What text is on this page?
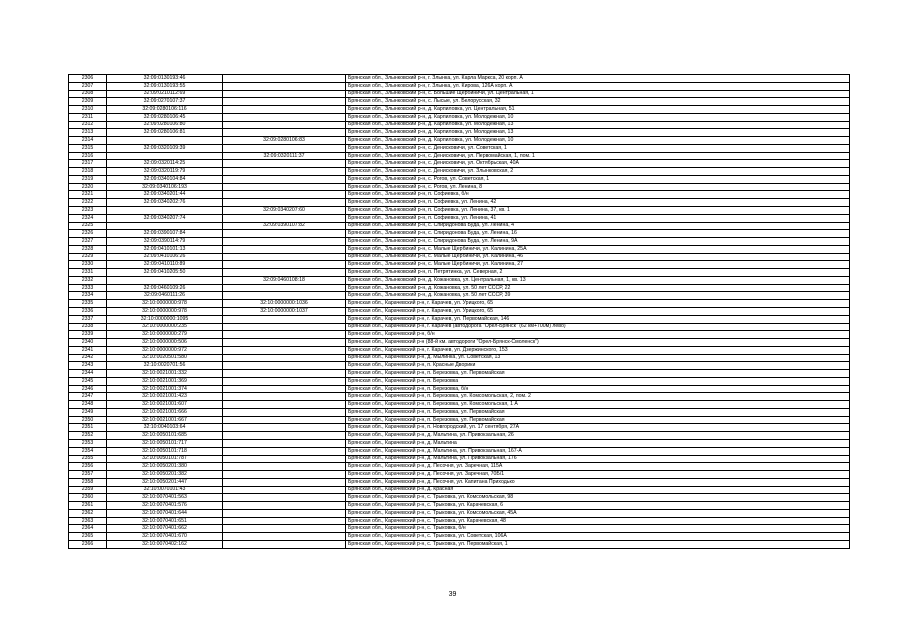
2306	32:09:0130193:46		Брянская обл., Злынковский р-н, г. Злынка, ул. Карла Маркса, 20 корп. А
2307	32:09:0130193:55		Брянская обл., Злынковский р-н, г. Злынка, ул. Кирова, 126А корп. А
2308	32:09:0210112:69		Брянская обл., Злынковский р-н, с. Большие Щербиничи, ул. Центральная, 1
2309	32:09:0270107:37		Брянская обл., Злынковский р-н, с. Лысые, ул. Белорусская, 32
2310	32:09:0280106:116		Брянская обл., Злынковский р-н, д. Карпиловка, ул. Центральная, 51
2311	32:09:0280106:45		Брянская обл., Злынковский р-н, д. Карпиловка, ул. Молодежная, 10
2312	32:09:0280106:80		Брянская обл., Злынковский р-н, д. Карпиловка, ул. Молодежная, 13
2313	32:09:0280106:81		Брянская обл., Злынковский р-н, д. Карпиловка, ул. Молодежная, 13
2314		32:09:0280106:83	Брянская обл., Злынковский р-н, д. Карпиловка, ул. Молодежная, 10
2315	32:09:0320109:39		Брянская обл., Злынковский р-н, с. Денисковичи, ул. Советская, 1
2316		32:09:0320111:37	Брянская обл., Злынковский р-н, с. Денисковичи, ул. Первомайская, 1, пом. 1
2317	32:09:0320114:25		Брянская обл., Злынковский р-н, с. Денисковичи, ул. Октябрьская, 40А
2318	32:09:0320119:79		Брянская обл., Злынковский р-н, с. Денисковичи, ул. Злынковская, 2
2319	32:09:0340104:84		Брянская обл., Злынковский р-н, с. Рогов, ул. Советская, 1
2320	32:09:0340106:193		Брянская обл., Злынковский р-н, с. Рогов, ул. Ленина, 8
2321	32:09:0340201:44		Брянская обл., Злынковский р-н, п. Софиевка, б/н
2322	32:09:0340202:76		Брянская обл., Злынковский р-н, п. Софиевка, ул. Ленина, 42
2323		32:09:0340207:60	Брянская обл., Злынковский р-н, п. Софиевка, ул. Ленина, 37, кв. 1
2324	32:09:0340207:74		Брянская обл., Злынковский р-н, п. Софиевка, ул. Ленина, 41
2325		32:09:0390107:82	Брянская обл., Злынковский р-н, с. Спиридонова Буда, ул. Ленина, 4
2326	32:09:0390107:84		Брянская обл., Злынковский р-н, с. Спиридонова Буда, ул. Ленина, 16
2327	32:09:0390114:79		Брянская обл., Злынковский р-н, с. Спиридонова Буда, ул. Ленина, 9А
2328	32:09:0410101:13		Брянская обл., Злынковский р-н, с. Малые Щербиничи, ул. Калинина, 25А
2329	32:09:0410106:26		Брянская обл., Злынковский р-н, с. Малые Щербиничи, ул. Калинина, 46
2330	32:09:0410110:89		Брянская обл., Злынковский р-н, с. Малые Щербиничи, ул. Калинина, 27
2331	32:09:0410205:50		Брянская обл., Злынковский р-н, п. Петрятинка, ул. Северная, 2
2332		32:09:0460108:18	Брянская обл., Злынковский р-н, д. Кожановка, ул. Центральная, 1, кв. 13
2333	32:09:0460109:26		Брянская обл., Злынковский р-н, д. Кожановка, ул. 50 лет СССР, 22
2334	32:09:0460111:26		Брянская обл., Злынковский р-н, д. Кожановка, ул. 50 лет СССР, 39
2335	32:10:0000000:978	32:10:0000000:1036	Брянская обл., Карачевский р-н, г. Карачев, ул. Урицкого, 65
2336	32:10:0000000:978	32:10:0000000:1037	Брянская обл., Карачевский р-н, г. Карачев, ул. Урицкого, 65
2337	32:10:0000000:1095		Брянская обл., Карачевский р-н, г. Карачев, ул. Первомайская, 146
2338	32:10:0000000:235		Брянская обл., Карачевский р-н, г. Карачев (автодорога "Орел-Брянск" (62 км+700м) лево)
2339	32:10:0000000:279		Брянская обл., Карачевский р-н, б/н
2340	32:10:0000000:506		Брянская обл., Карачевский р-н (88-й км. автодороги "Орел-Брянск-Смоленск")
2341	32:10:0000000:972		Брянская обл., Карачевский р-н, г. Карачев, ул. Дзержинского, 153
2342	32:10:0020501:580		Брянская обл., Карачевский р-н, д. Мылинка, ул. Советская, 13
2343	32:10:0020701:56		Брянская обл., Карачевский р-н, п. Красные Дворики
2344	32:10:0021001:332		Брянская обл., Карачевский р-н, п. Березовка, ул. Первомайская
2345	32:10:0021001:369		Брянская обл., Карачевский р-н, п. Березовка
2346	32:10:0021001:374		Брянская обл., Карачевский р-н, п. Березовка, б/н
2347	32:10:0021001:423		Брянская обл., Карачевский р-н, п. Березовка, ул. Комсомольская, 2, пом. 2
2348	32:10:0021001:607		Брянская обл., Карачевский р-н, п. Березовка, ул. Комсомольская, 1 А
2349	32:10:0021001:666		Брянская обл., Карачевский р-н, п. Березовка, ул. Первомайская
2350	32:10:0021001:667		Брянская обл., Карачевский р-н, п. Березовка, ул. Первомайская
2351	32:10:0040103:64		Брянская обл., Карачевский р-н, п. Новгородский, ул. 17 сентября, 27А
2352	32:10:0050101:685		Брянская обл., Карачевский р-н, д. Мальтина, ул. Привокзальная, 26
2353	32:10:0050101:717		Брянская обл., Карачевский р-н, д. Мальтина
2354	32:10:0050101:718		Брянская обл., Карачевский р-н, д. Мальтина, ул. Привокзальная, 167-А
2355	32:10:0050101:787		Брянская обл., Карачевский р-н, д. Мальтина, ул. Привокзальная, 176
2356	32:10:0050201:380		Брянская обл., Карачевский р-н, д. Песочня, ул. Заречная, 115А
2357	32:10:0050201:382		Брянская обл., Карачевский р-н, д. Песочня, ул. Заречная, 70Б/1
2358	32:10:0050201:447		Брянская обл., Карачевский р-н, д. Песочня, ул. Капитана Приходько
2359	32:10:0070101:43		Брянская обл., Карачевский р-н, д. Красная
2360	32:10:0070401:563		Брянская обл., Карачевский р-н, с. Трыковка, ул. Комсомольская, 98
2361	32:10:0070401:576		Брянская обл., Карачевский р-н, с. Трыковка, ул. Карачевская, 6
2362	32:10:0070401:644		Брянская обл., Карачевский р-н, с. Трыковка, ул. Комсомольская, 45А
2363	32:10:0070401:651		Брянская обл., Карачевский р-н, с. Трыковка, ул. Карачевская, 48
2364	32:10:0070401:662		Брянская обл., Карачевский р-н, с. Трыковка, б/н
2365	32:10:0070401:670		Брянская обл., Карачевский р-н, с. Трыковка, ул. Советская, 106А
2366	32:10:0070402:162		Брянская обл., Карачевский р-н, с. Трыковка, ул. Первомайская, 1
39
